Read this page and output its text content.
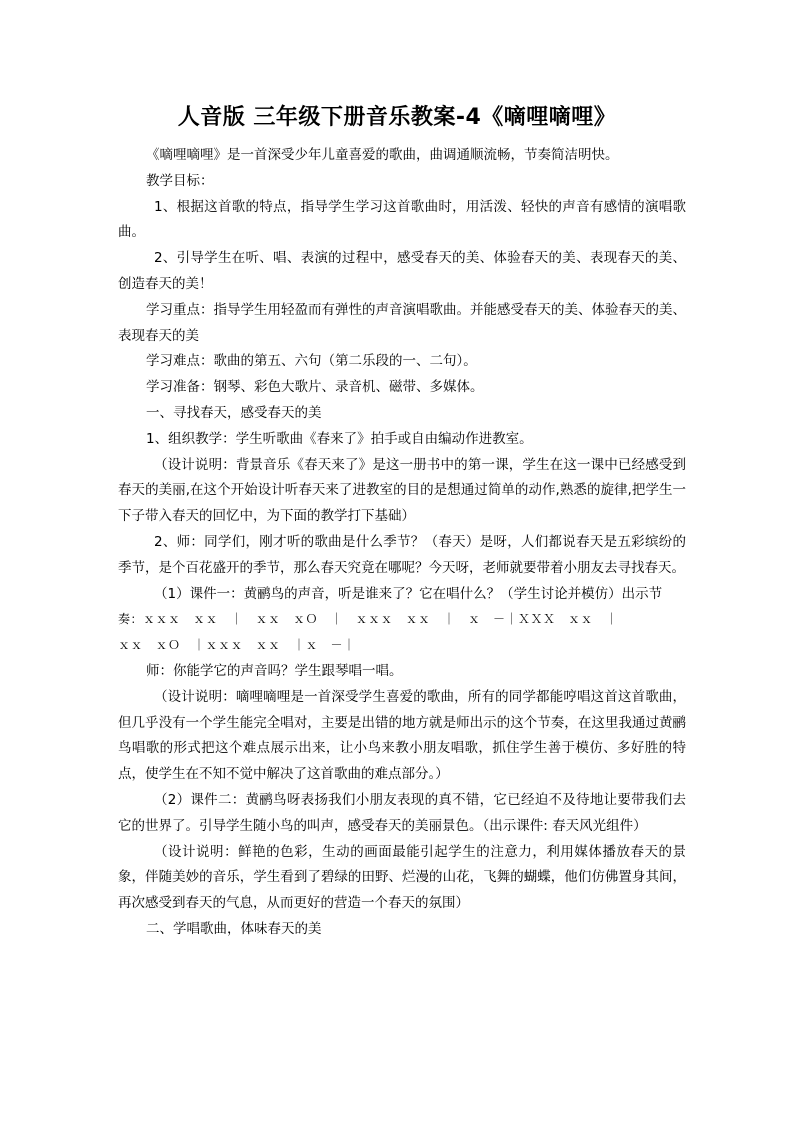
人音版 三年级下册音乐教案-4《嘀哩嘀哩》

《嘀哩嘀哩》是一首深受少年儿童喜爱的歌曲，曲调通顺流畅，节奏简洁明快。

教学目标：

1、根据这首歌的特点，指导学生学习这首歌曲时，用活泼、轻快的声音有感情的演唱歌曲。

2、引导学生在听、唱、表演的过程中，感受春天的美、体验春天的美、表现春天的美、创造春天的美！

学习重点：指导学生用轻盈而有弹性的声音演唱歌曲。并能感受春天的美、体验春天的美、表现春天的美

学习难点：歌曲的第五、六句（第二乐段的一、二句）。

学习准备：钢琴、彩色大歌片、录音机、磁带、多媒体。

一、寻找春天，感受春天的美

1、组织教学：学生听歌曲《春来了》拍手或自由编动作进教室。

（设计说明：背景音乐《春天来了》是这一册书中的第一课，学生在这一课中已经感受到春天的美丽,在这个开始设计听春天来了进教室的目的是想通过简单的动作,熟悉的旋律,把学生一下子带入春天的回忆中，为下面的教学打下基础）

2、师：同学们，刚才听的歌曲是什么季节？（春天）是呀，人们都说春天是五彩缤纷的季节，是个百花盛开的季节，那么春天究竟在哪呢？今天呀，老师就要带着小朋友去寻找春天。

（1）课件一：黄鹂鸟的声音，听是谁来了？它在唱什么？（学生讨论并模仿）出示节

奏：ｘｘｘ　ｘｘ　｜　ｘｘ　ｘＯ　｜　ｘｘｘ　ｘｘ　｜　ｘ　－｜ＸＸＸ　ｘｘ　｜

ｘｘ　ｘＯ　｜ｘｘｘ　ｘｘ　｜ｘ　－｜

师：你能学它的声音吗？学生跟琴唱一唱。

（设计说明：嘀哩嘀哩是一首深受学生喜爱的歌曲，所有的同学都能哼唱这首这首歌曲，但几乎没有一个学生能完全唱对，主要是出错的地方就是师出示的这个节奏，在这里我通过黄鹂鸟唱歌的形式把这个难点展示出来，让小鸟来教小朋友唱歌，抓住学生善于模仿、多好胜的特点，使学生在不知不觉中解决了这首歌曲的难点部分。）

（2）课件二：黄鹂鸟呀表扬我们小朋友表现的真不错，它已经迫不及待地让要带我们去它的世界了。引导学生随小鸟的叫声，感受春天的美丽景色。（出示课件: 春天风光组件）

（设计说明：鲜艳的色彩，生动的画面最能引起学生的注意力，利用媒体播放春天的景象，伴随美妙的音乐，学生看到了碧绿的田野、烂漫的山花，飞舞的蝴蝶，他们仿佛置身其间，再次感受到春天的气息，从而更好的营造一个春天的氛围）

二、学唱歌曲，体味春天的美
